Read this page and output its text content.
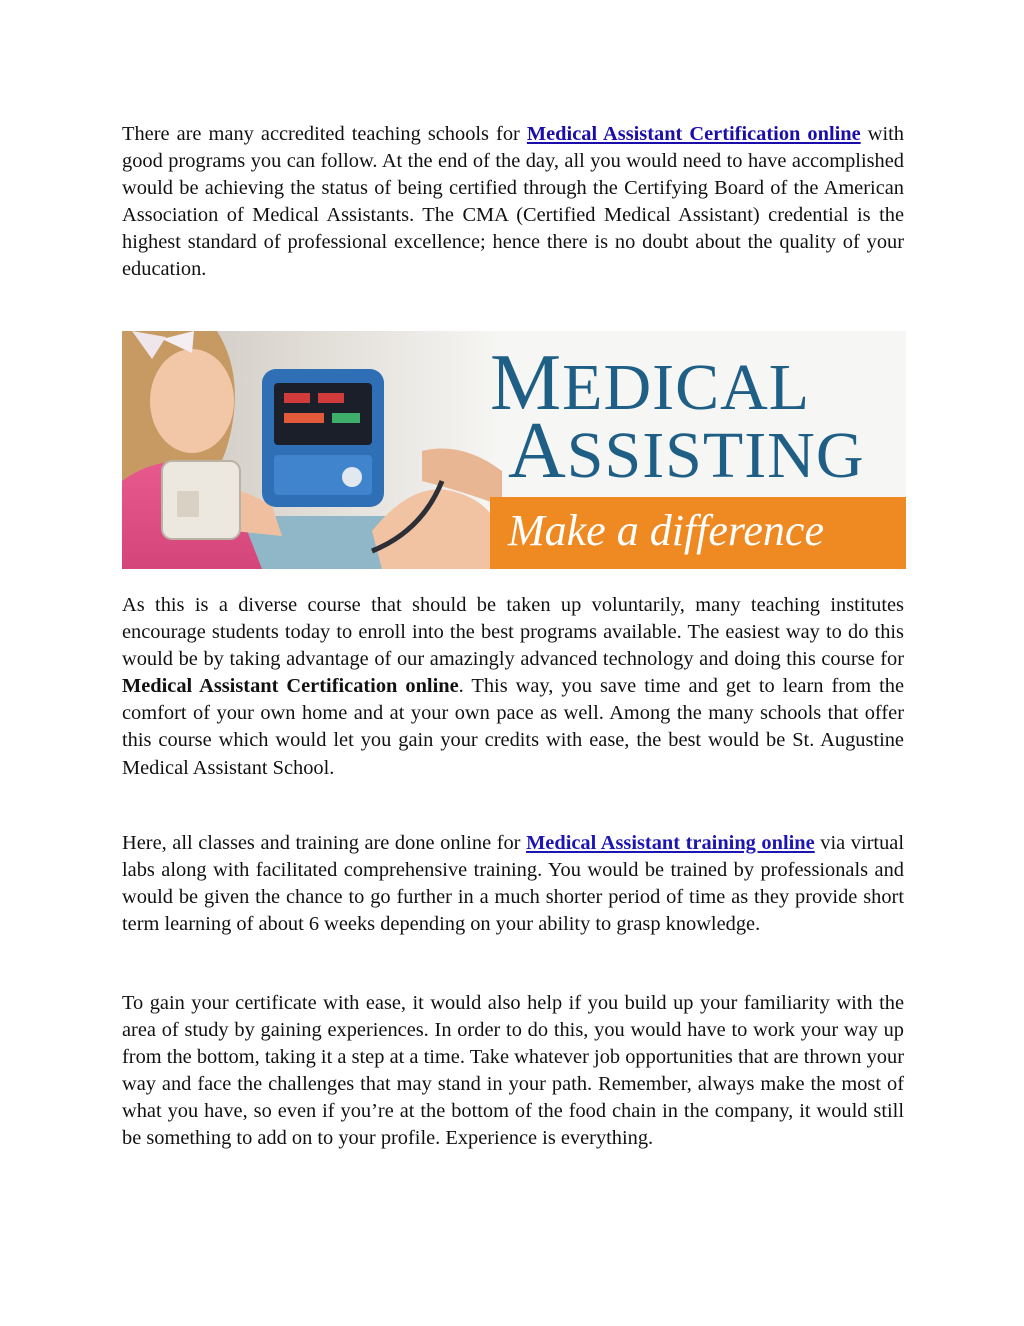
There are many accredited teaching schools for Medical Assistant Certification online with good programs you can follow. At the end of the day, all you would need to have accomplished would be achieving the status of being certified through the Certifying Board of the American Association of Medical Assistants. The CMA (Certified Medical Assistant) credential is the highest standard of professional excellence; hence there is no doubt about the quality of your education.

MEDICAL
ASSISTING
Make a difference

As this is a diverse course that should be taken up voluntarily, many teaching institutes encourage students today to enroll into the best programs available. The easiest way to do this would be by taking advantage of our amazingly advanced technology and doing this course for Medical Assistant Certification online. This way, you save time and get to learn from the comfort of your own home and at your own pace as well. Among the many schools that offer this course which would let you gain your credits with ease, the best would be St. Augustine Medical Assistant School.

Here, all classes and training are done online for Medical Assistant training online via virtual labs along with facilitated comprehensive training. You would be trained by professionals and would be given the chance to go further in a much shorter period of time as they provide short term learning of about 6 weeks depending on your ability to grasp knowledge.

To gain your certificate with ease, it would also help if you build up your familiarity with the area of study by gaining experiences. In order to do this, you would have to work your way up from the bottom, taking it a step at a time. Take whatever job opportunities that are thrown your way and face the challenges that may stand in your path. Remember, always make the most of what you have, so even if you’re at the bottom of the food chain in the company, it would still be something to add on to your profile. Experience is everything.
